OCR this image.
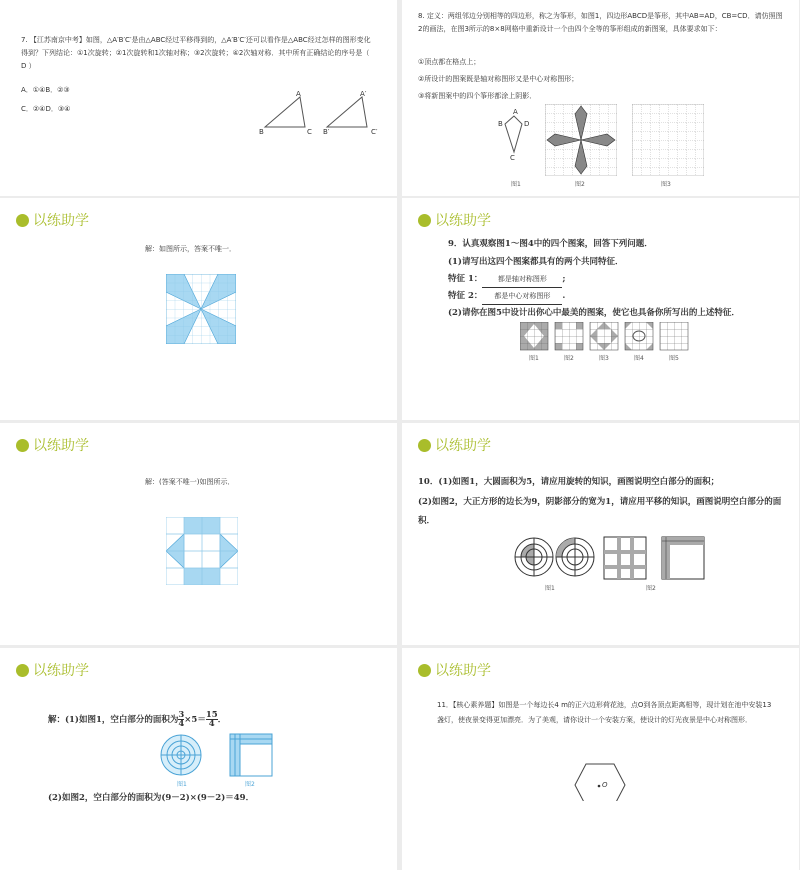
7. 【江苏南京中考】如图，△A′B′C′是由△ABC经过平移得到的，△A′B′C′还可以看作是△ABC经过怎样的图形变化得到？下列结论：①1次旋转；②1次旋转和1次轴对称；③2次旋转；④2次轴对称．其中所有正确结论的序号是（ D ）
A．①④B．②③
C．②④D．③④
A
B	C
A′
B′	C′
8. 定义：两组邻边分别相等的四边形，称之为筝形，如图1，四边形ABCD是筝形，其中AB=AD，CB=CD．请仿照图2的画法，在图3所示的8×8网格中重新设计一个由四个全等的筝形组成的新图案，具体要求如下：
①顶点都在格点上；
②所设计的图案既是轴对称图形又是中心对称图形；
③将新图案中的四个筝形都涂上阴影．
A
B	D
C
图1	图2	图3
以练助学
解：如图所示，答案不唯一．
以练助学
9．认真观察图1～图4中的四个图案，回答下列问题．
(1)请写出这四个图案都具有的两个共同特征．
特征 1： 都是轴对称图形 ;
特征 2： 都是中心对称图形 .
(2)请你在图5中设计出你心中最美的图案，使它也具备你所写出的上述特征．
图1	图2	图3	图4	图5
以练助学
解：(答案不唯一)如图所示．
以练助学
10．(1)如图1，大圆面积为5，请应用旋转的知识，画图说明空白部分的面积；
(2)如图2，大正方形的边长为9，阴影部分的宽为1，请应用平移的知识，画图说明空白部分的面积．
图1	图2
以练助学
解：(1)如图1，空白部分的面积为 $\frac{3}{4} \times 5= \frac{15}{4}$ ．
图1	图2
(2)如图2，空白部分的面积为(9－2)×(9－2)＝49．
以练助学
11．【核心素养题】如图是一个每边长4 m的正六边形荷花池，点O到各顶点距离相等，现计划在池中安装13盏灯，使夜景变得更加漂亮．为了美观，请你设计一个安装方案，使设计的灯光夜景是中心对称图形．
O
